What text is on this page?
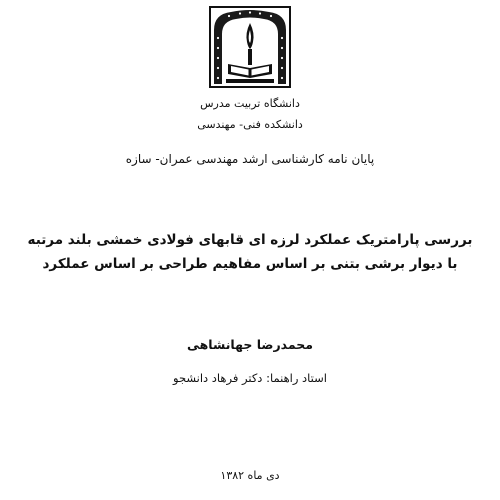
دانشگاه تربیت مدرس
دانشکده فنی- مهندسی
پایان نامه کارشناسی ارشد مهندسی عمران- سازه
بررسی پارامتریک عملکرد لرزه ای قابهای فولادی خمشی بلند مرتبه
با دیوار برشی بتنی بر اساس مفاهیم طراحی بر اساس عملکرد
محمدرضا جهانشاهی
استاد راهنما: دکتر فرهاد دانشجو
دی ماه ۱۳۸۲
